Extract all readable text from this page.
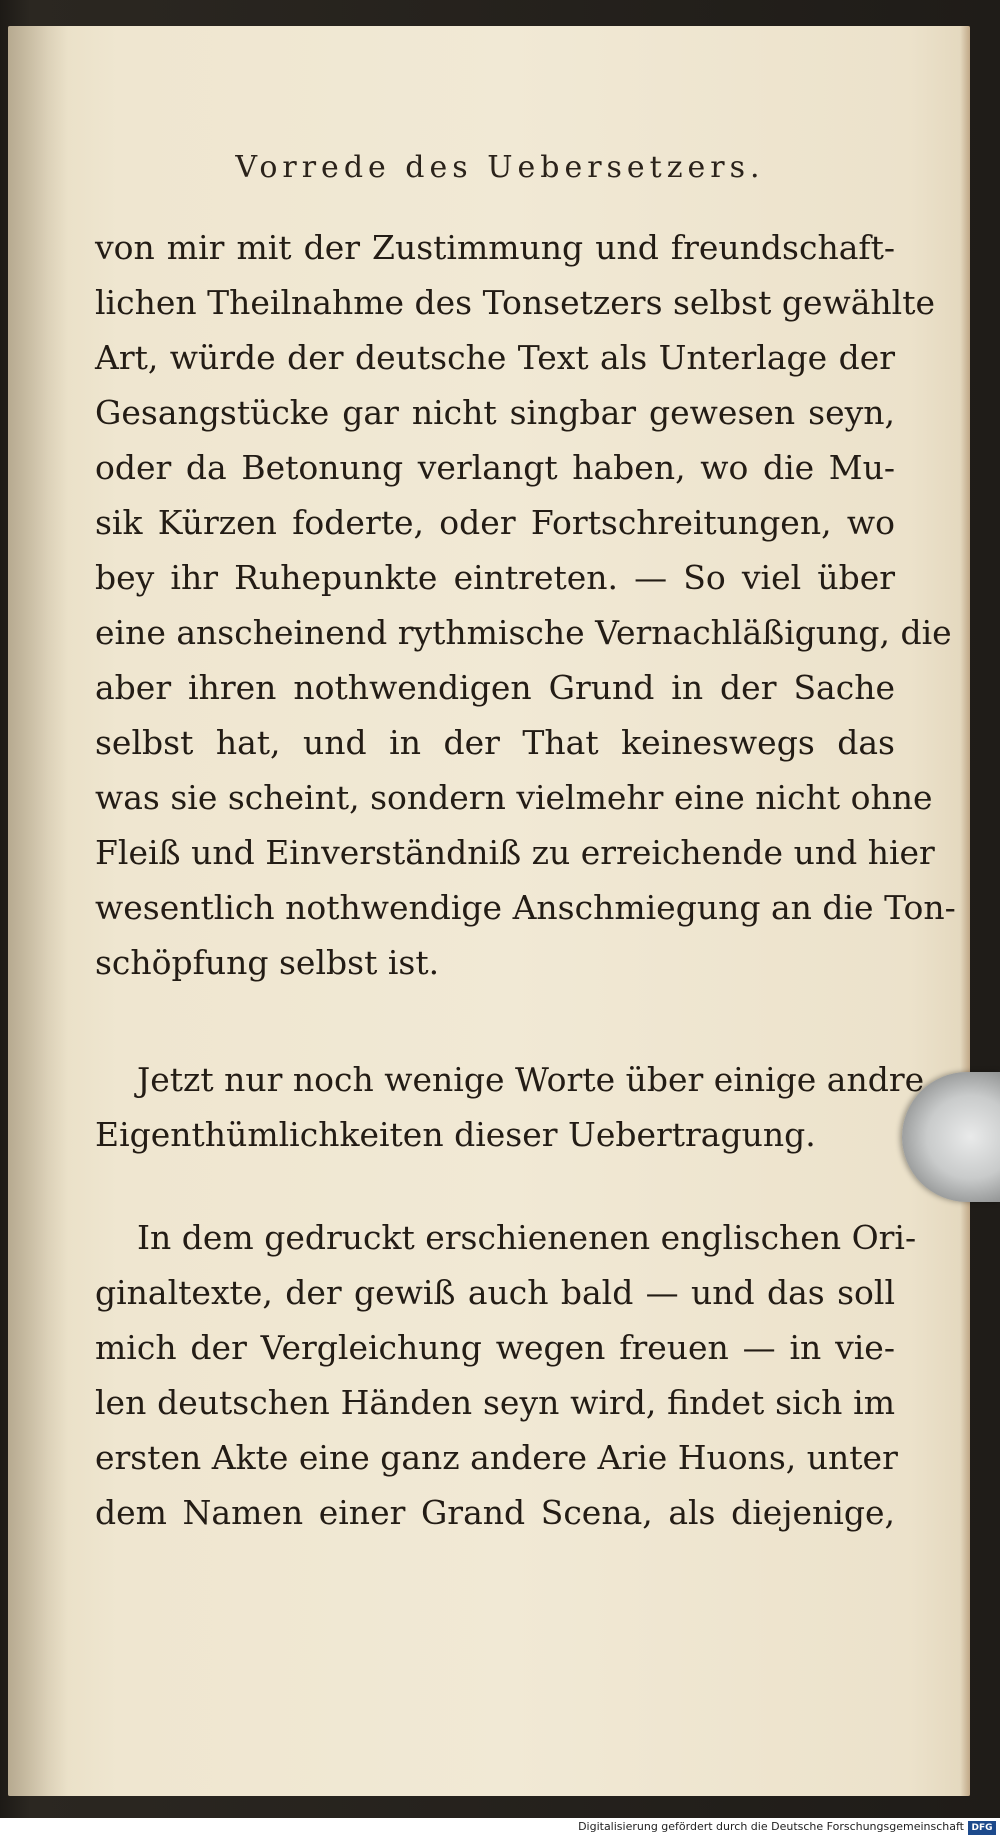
Vorrede des Uebersetzers.
von mir mit der Zustimmung und freundschaft-
lichen Theilnahme des Tonsetzers selbst gewählte
Art, würde der deutsche Text als Unterlage der
Gesangstücke gar nicht singbar gewesen seyn,
oder da Betonung verlangt haben, wo die Mu-
sik Kürzen foderte, oder Fortschreitungen, wo
bey ihr Ruhepunkte eintreten. — So viel über
eine anscheinend rythmische Vernachläßigung, die
aber ihren nothwendigen Grund in der Sache
selbst hat, und in der That keineswegs das
was sie scheint, sondern vielmehr eine nicht ohne
Fleiß und Einverständniß zu erreichende und hier
wesentlich nothwendige Anschmiegung an die Ton-
schöpfung selbst ist.
Jetzt nur noch wenige Worte über einige andre
Eigenthümlichkeiten dieser Uebertragung.
In dem gedruckt erschienenen englischen Ori-
ginaltexte, der gewiß auch bald — und das soll
mich der Vergleichung wegen freuen — in vie-
len deutschen Händen seyn wird, findet sich im
ersten Akte eine ganz andere Arie Huons, unter
dem Namen einer Grand Scena, als diejenige,
Digitalisierung gefördert durch die Deutsche Forschungsgemeinschaft DFG
